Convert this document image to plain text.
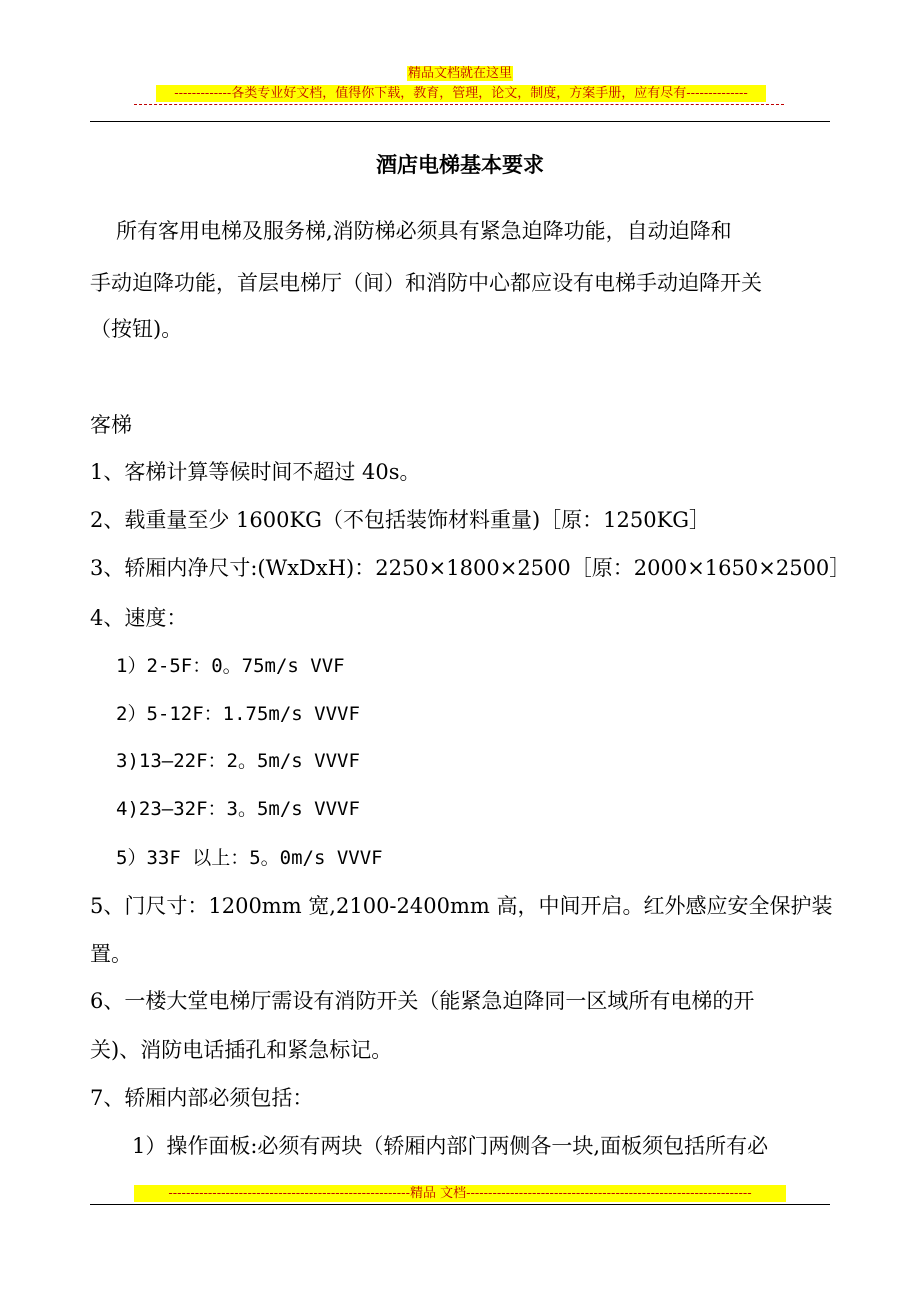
精品文档就在这里
-------------各类专业好文档，值得你下载，教育，管理，论文，制度，方案手册，应有尽有--------------
酒店电梯基本要求
所有客用电梯及服务梯,消防梯必须具有紧急迫降功能，自动迫降和
手动迫降功能，首层电梯厅（间）和消防中心都应设有电梯手动迫降开关
（按钮)。
客梯
1、客梯计算等候时间不超过 40s。
2、载重量至少 1600KG（不包括装饰材料重量)［原：1250KG］
3、轿厢内净尺寸:(WxDxH)：2250×1800×2500［原：2000×1650×2500］
4、速度：
1）2-5F：0。75m/s VVF
2）5-12F：1.75m/s VVVF
3)13—22F：2。5m/s VVVF
4)23—32F：3。5m/s VVVF
5）33F 以上：5。0m/s VVVF
5、门尺寸：1200mm 宽,2100-2400mm 高，中间开启。红外感应安全保护装
置。
6、一楼大堂电梯厅需设有消防开关（能紧急迫降同一区域所有电梯的开
关)、消防电话插孔和紧急标记。
7、轿厢内部必须包括：
1）操作面板:必须有两块（轿厢内部门两侧各一块,面板须包括所有必
-------------------------------------------------------精品 文档-----------------------------------------------------------------
